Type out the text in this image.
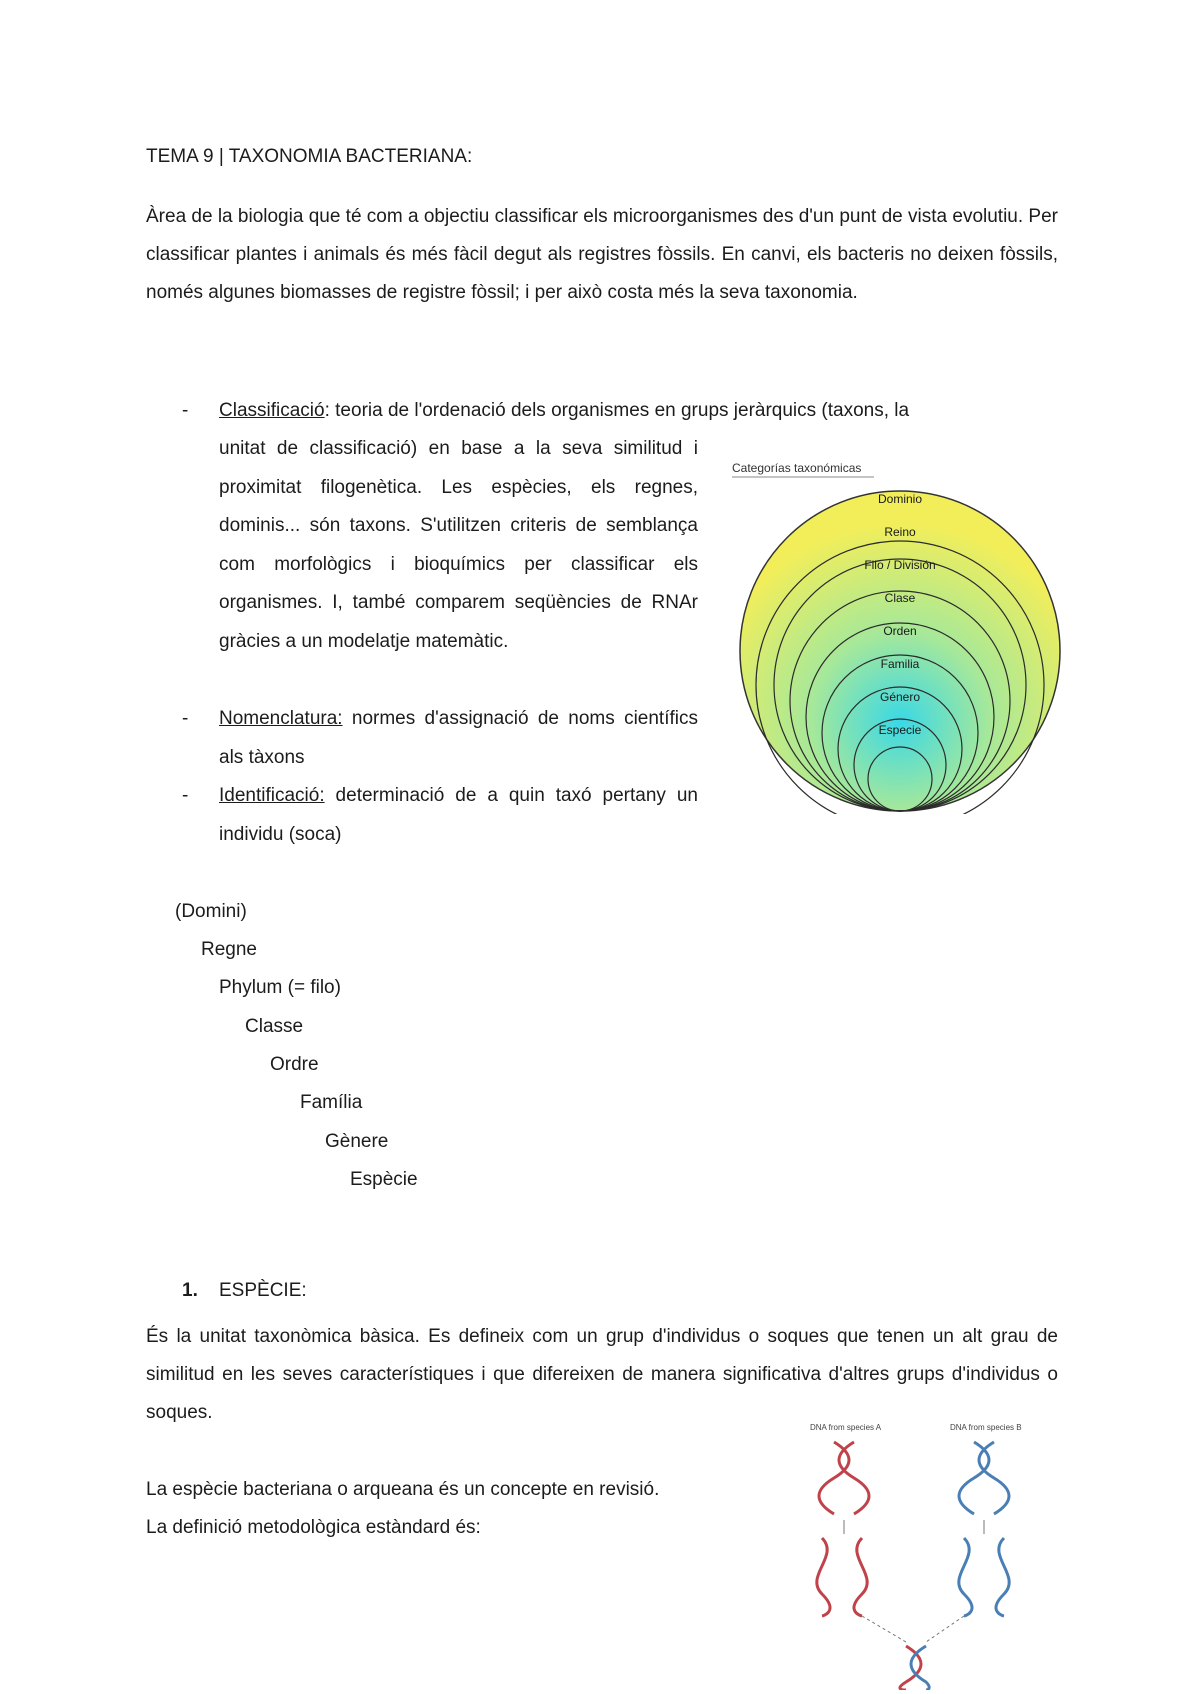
TEMA 9 | TAXONOMIA BACTERIANA:

Àrea de la biologia que té com a objectiu classificar els microorganismes des d'un punt de vista evolutiu. Per classificar plantes i animals és més fàcil degut als registres fòssils. En canvi, els bacteris no deixen fòssils, només algunes biomasses de registre fòssil; i per això costa més la seva taxonomia.

- Classificació: teoria de l'ordenació dels organismes en grups jeràrquics (taxons, la

unitat de classificació) en base a la seva similitud i proximitat filogenètica. Les espècies, els regnes, dominis... són taxons. S'utilitzen criteris de semblança com morfològics i bioquímics per classificar els organismes. I, també comparem seqüències de RNAr gràcies a un modelatje matemàtic.

- Nomenclatura: normes d'assignació de noms científics als tàxons

- Identificació: determinació de a quin taxó pertany un individu (soca)

Categorías taxonómicas
Dominio
Reino
Filo / División
Clase
Orden
Familia
Género
Especie
(Domini)
Regne
Phylum (= filo)
Classe
Ordre
Família
Gènere
Espècie
1. ESPÈCIE:

És la unitat taxonòmica bàsica. Es defineix com un grup d'individus o soques que tenen un alt grau de similitud en les seves característiques i que difereixen de manera significativa d'altres grups d'individus o soques.

La espècie bacteriana o arqueana és un concepte en revisió.
La definició metodològica estàndard és:

DNA from species A	DNA from species B
